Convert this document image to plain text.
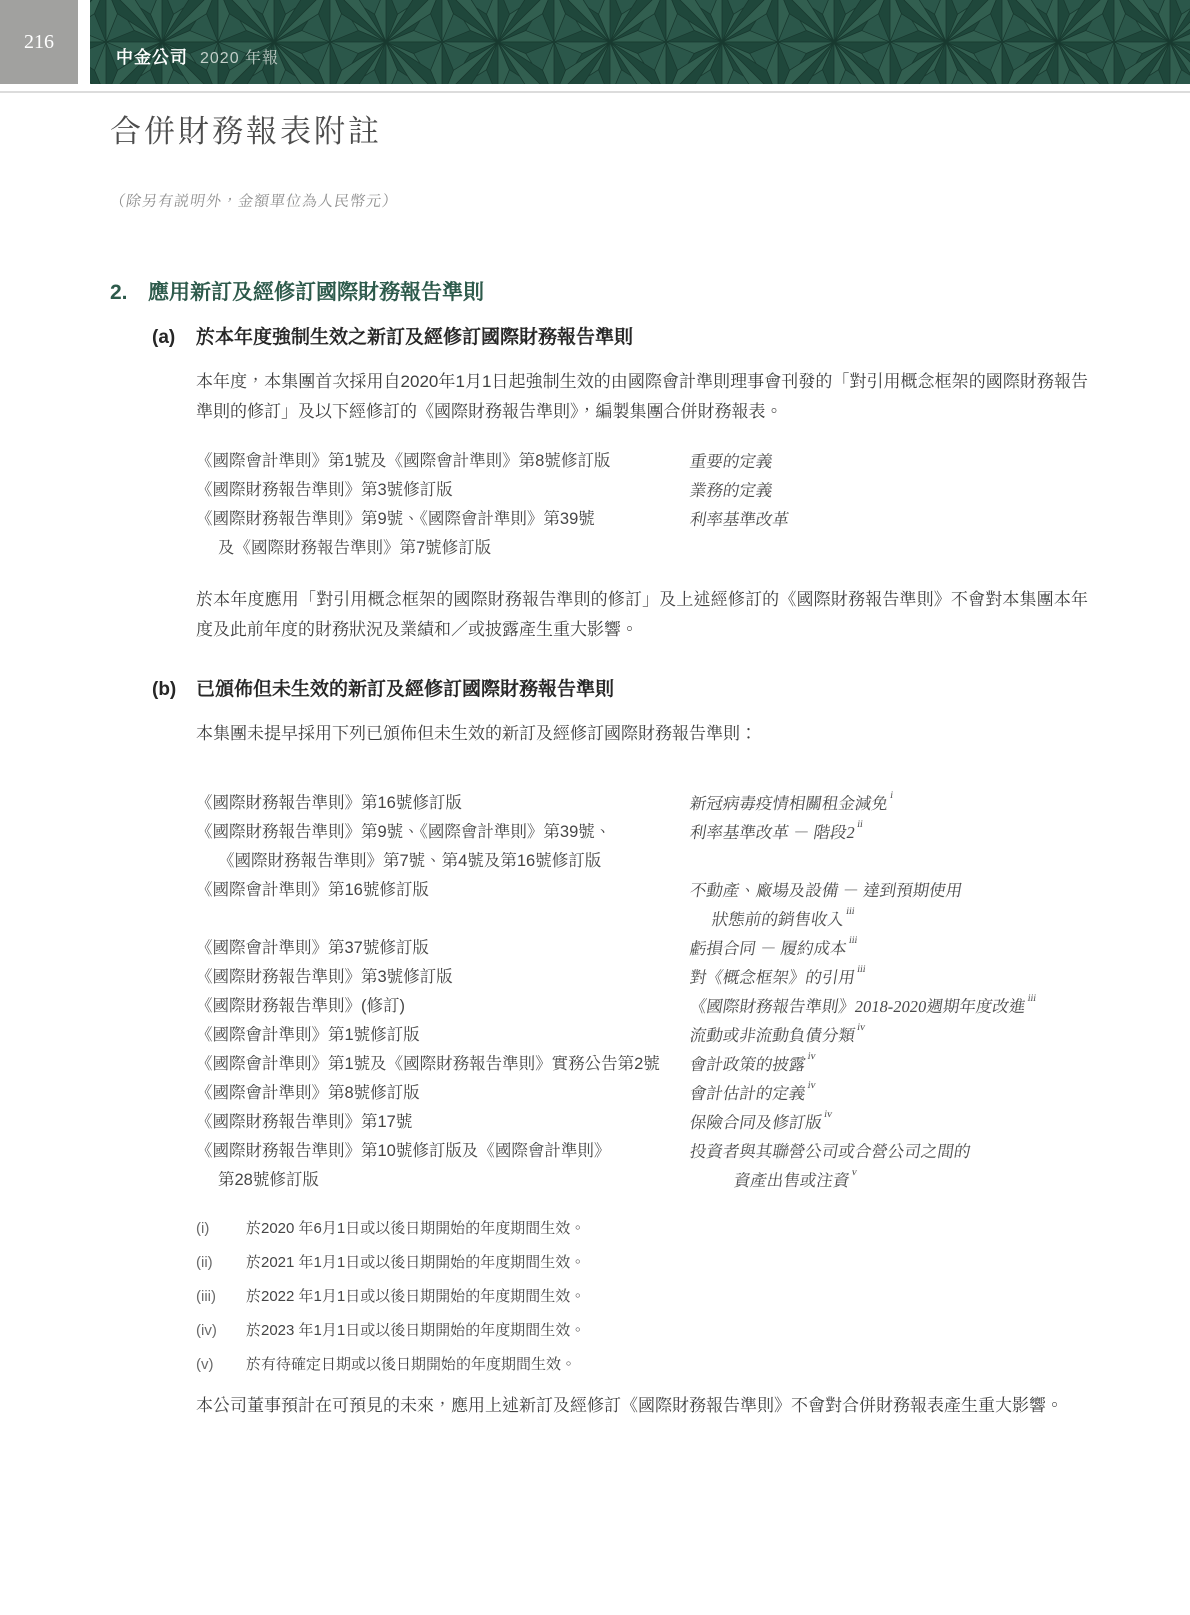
216
中金公司 2020 年報
合併財務報表附註

（除另有説明外，金額單位為人民幣元）

2. 應用新訂及經修訂國際財務報告準則
(a)	於本年度強制生效之新訂及經修訂國際財務報告準則

本年度，本集團首次採用自2020年1月1日起強制生效的由國際會計準則理事會刊發的「對引用概念框架的國際財務報告準則的修訂」及以下經修訂的《國際財務報告準則》，編製集團合併財務報表。

《國際會計準則》第1號及《國際會計準則》第8號修訂版	重要的定義
《國際財務報告準則》第3號修訂版	業務的定義
《國際財務報告準則》第9號、《國際會計準則》第39號	利率基準改革
及《國際財務報告準則》第7號修訂版

於本年度應用「對引用概念框架的國際財務報告準則的修訂」及上述經修訂的《國際財務報告準則》不會對本集團本年度及此前年度的財務狀況及業績和／或披露產生重大影響。

(b)	已頒佈但未生效的新訂及經修訂國際財務報告準則

本集團未提早採用下列已頒佈但未生效的新訂及經修訂國際財務報告準則：

《國際財務報告準則》第16號修訂版	新冠病毒疫情相關租金減免$^i$
《國際財務報告準則》第9號、《國際會計準則》第39號、	利率基準改革 － 階段2$^{ii}$
《國際財務報告準則》第7號、第4號及第16號修訂版
《國際會計準則》第16號修訂版	不動產、廠場及設備 － 達到預期使用
狀態前的銷售收入$^{iii}$
《國際會計準則》第37號修訂版	虧損合同 － 履約成本$^{iii}$
《國際財務報告準則》第3號修訂版	對《概念框架》的引用$^{iii}$
《國際財務報告準則》(修訂)	《國際財務報告準則》2018-2020週期年度改進$^{iii}$
《國際會計準則》第1號修訂版	流動或非流動負債分類$^{iv}$
《國際會計準則》第1號及《國際財務報告準則》實務公告第2號	會計政策的披露$^{iv}$
《國際會計準則》第8號修訂版	會計估計的定義$^{iv}$
《國際財務報告準則》第17號	保險合同及修訂版$^{iv}$
《國際財務報告準則》第10號修訂版及《國際會計準則》	投資者與其聯營公司或合營公司之間的
第28號修訂版	資產出售或注資$^v$
(i)	於2020 年6月1日或以後日期開始的年度期間生效。
(ii)	於2021 年1月1日或以後日期開始的年度期間生效。
(iii)	於2022 年1月1日或以後日期開始的年度期間生效。
(iv)	於2023 年1月1日或以後日期開始的年度期間生效。
(v)	於有待確定日期或以後日期開始的年度期間生效。

本公司董事預計在可預見的未來，應用上述新訂及經修訂《國際財務報告準則》不會對合併財務報表產生重大影響。
